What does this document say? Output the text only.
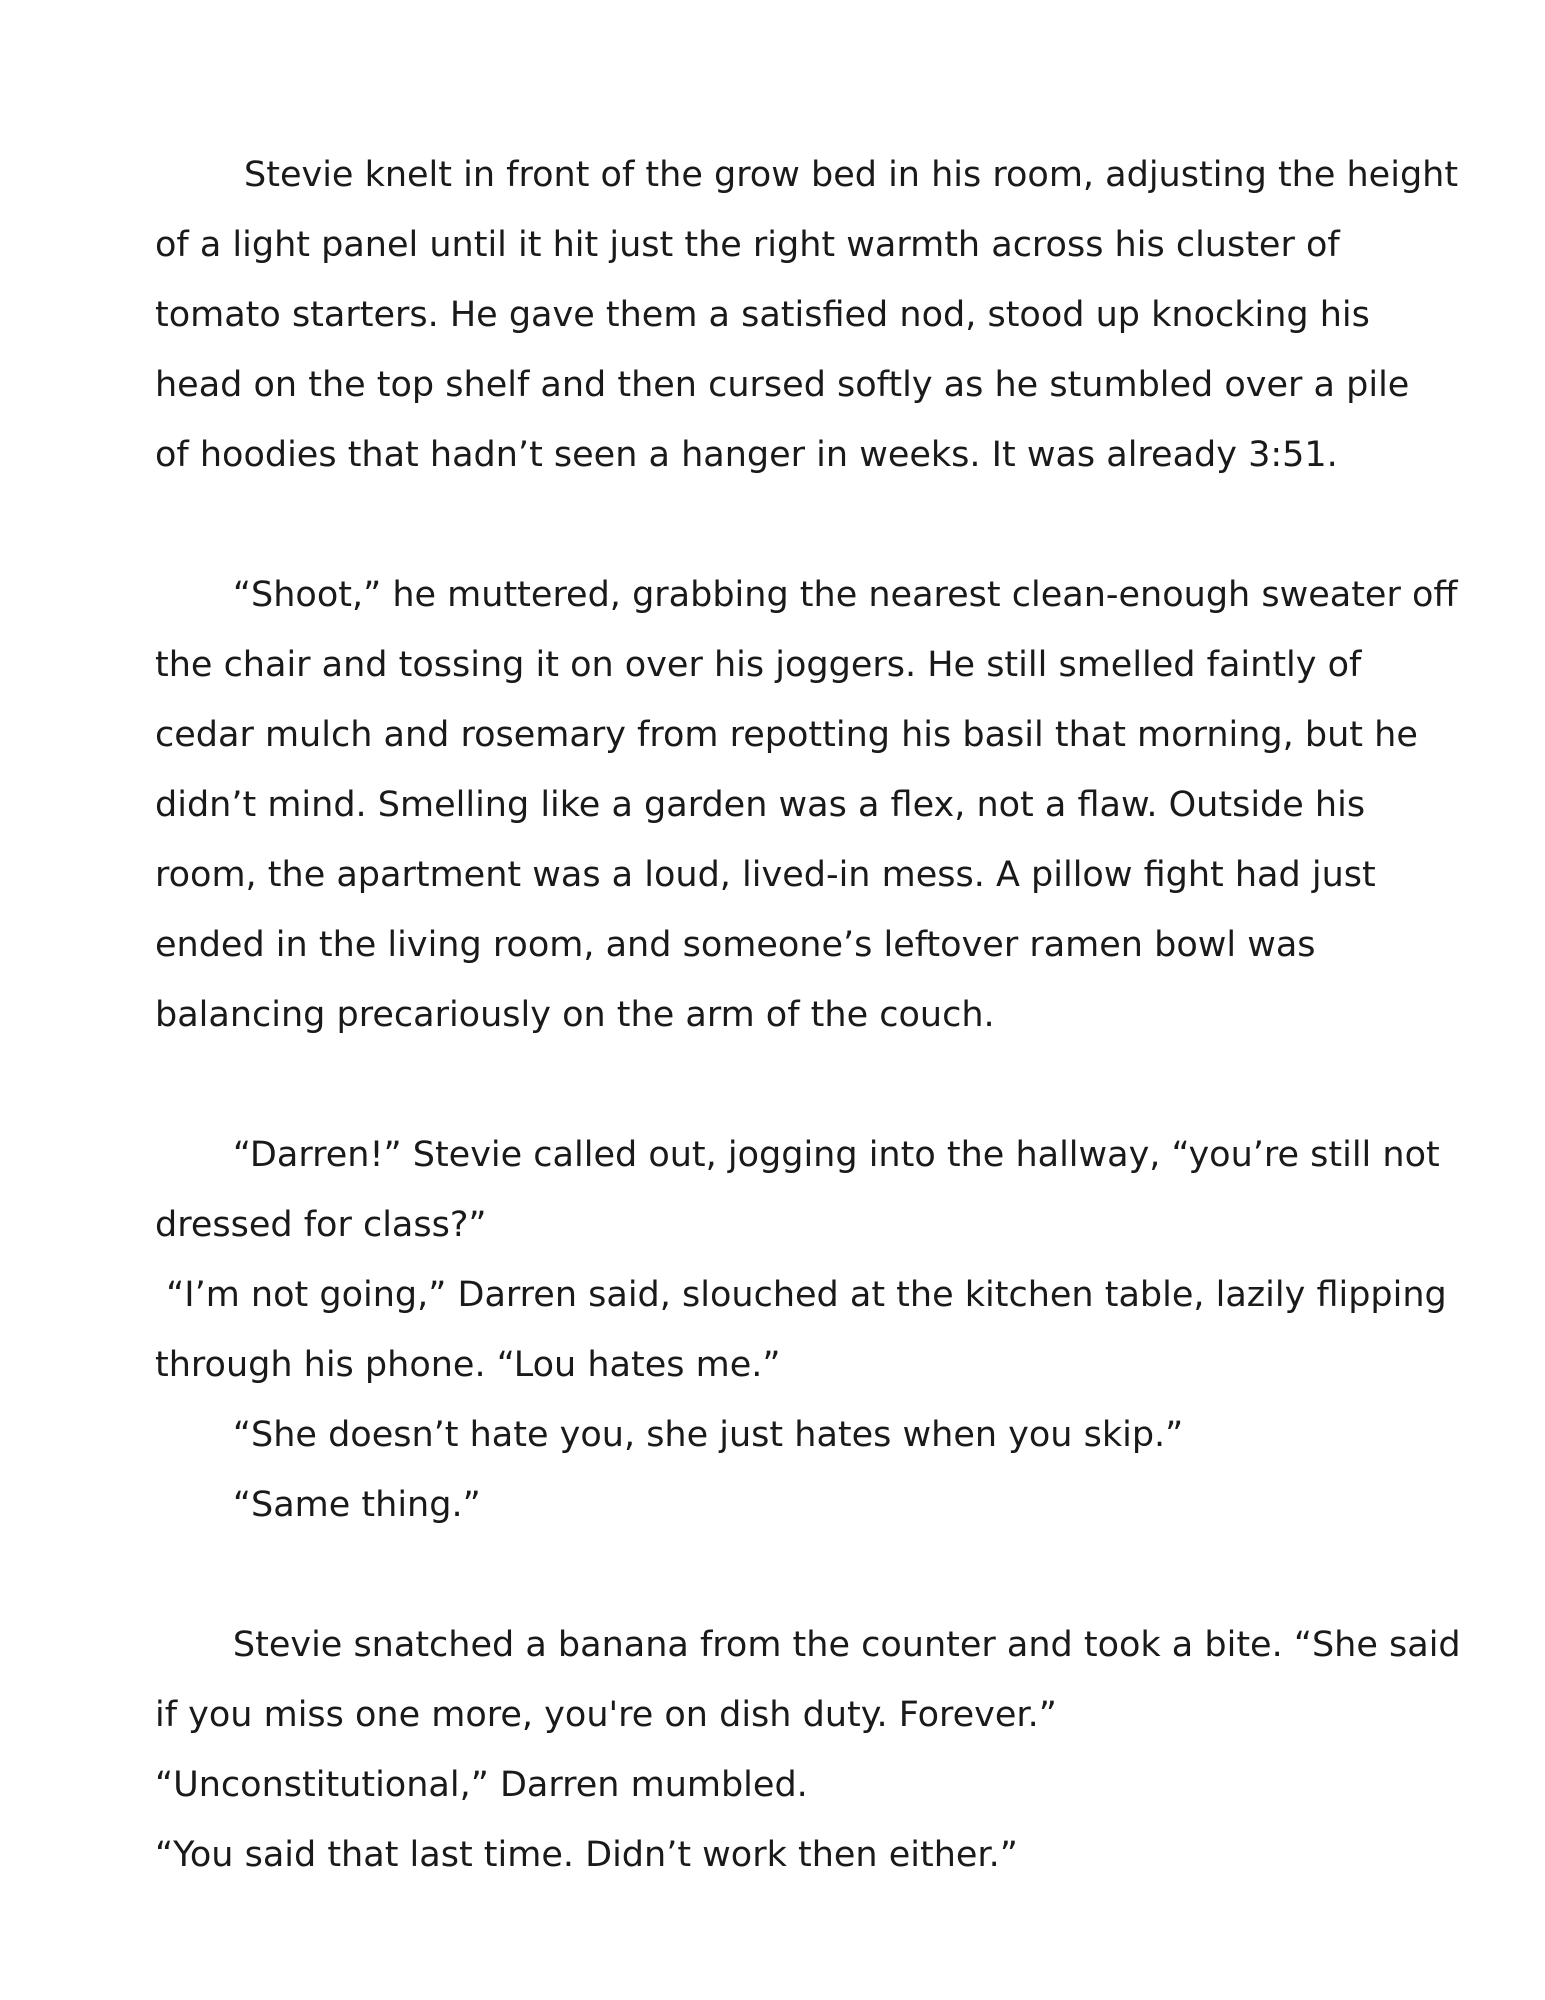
Stevie knelt in front of the grow bed in his room, adjusting the height
of a light panel until it hit just the right warmth across his cluster of
tomato starters. He gave them a satisfied nod, stood up knocking his
head on the top shelf and then cursed softly as he stumbled over a pile
of hoodies that hadn’t seen a hanger in weeks. It was already 3:51.
“Shoot,” he muttered, grabbing the nearest clean-enough sweater off
the chair and tossing it on over his joggers. He still smelled faintly of
cedar mulch and rosemary from repotting his basil that morning, but he
didn’t mind. Smelling like a garden was a flex, not a flaw. Outside his
room, the apartment was a loud, lived-in mess. A pillow fight had just
ended in the living room, and someone’s leftover ramen bowl was
balancing precariously on the arm of the couch.
“Darren!” Stevie called out, jogging into the hallway, “you’re still not
dressed for class?”
“I’m not going,” Darren said, slouched at the kitchen table, lazily flipping
through his phone. “Lou hates me.”
“She doesn’t hate you, she just hates when you skip.”
“Same thing.”
Stevie snatched a banana from the counter and took a bite. “She said
if you miss one more, you're on dish duty. Forever.”
“Unconstitutional,” Darren mumbled.
“You said that last time. Didn’t work then either.”
